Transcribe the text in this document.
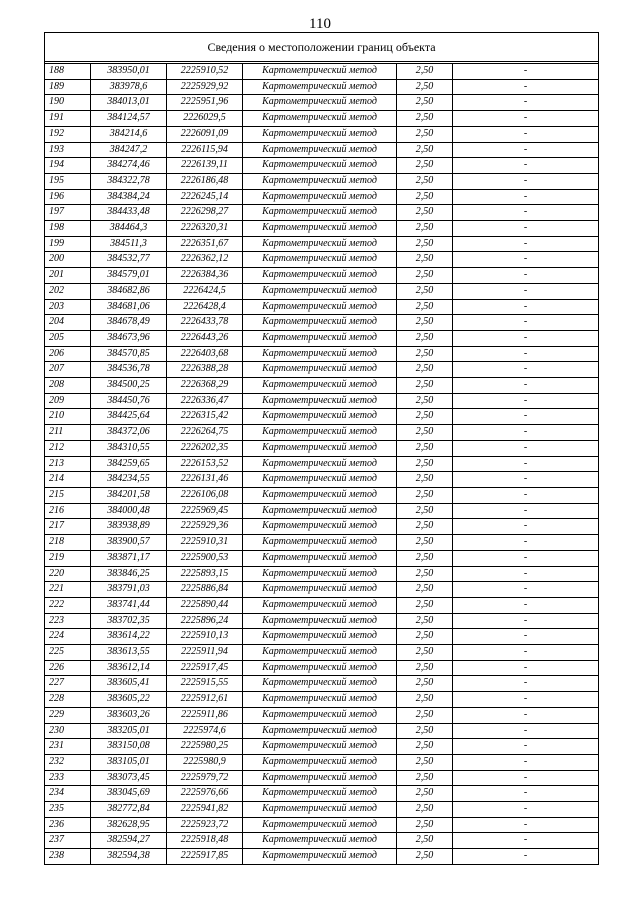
110
Сведения о местоположении границ объекта					

188	383950,01	2225910,52	Картометрический метод	2,50	-
189	383978,6	2225929,92	Картометрический метод	2,50	-
190	384013,01	2225951,96	Картометрический метод	2,50	-
191	384124,57	2226029,5	Картометрический метод	2,50	-
192	384214,6	2226091,09	Картометрический метод	2,50	-
193	384247,2	2226115,94	Картометрический метод	2,50	-
194	384274,46	2226139,11	Картометрический метод	2,50	-
195	384322,78	2226186,48	Картометрический метод	2,50	-
196	384384,24	2226245,14	Картометрический метод	2,50	-
197	384433,48	2226298,27	Картометрический метод	2,50	-
198	384464,3	2226320,31	Картометрический метод	2,50	-
199	384511,3	2226351,67	Картометрический метод	2,50	-
200	384532,77	2226362,12	Картометрический метод	2,50	-
201	384579,01	2226384,36	Картометрический метод	2,50	-
202	384682,86	2226424,5	Картометрический метод	2,50	-
203	384681,06	2226428,4	Картометрический метод	2,50	-
204	384678,49	2226433,78	Картометрический метод	2,50	-
205	384673,96	2226443,26	Картометрический метод	2,50	-
206	384570,85	2226403,68	Картометрический метод	2,50	-
207	384536,78	2226388,28	Картометрический метод	2,50	-
208	384500,25	2226368,29	Картометрический метод	2,50	-
209	384450,76	2226336,47	Картометрический метод	2,50	-
210	384425,64	2226315,42	Картометрический метод	2,50	-
211	384372,06	2226264,75	Картометрический метод	2,50	-
212	384310,55	2226202,35	Картометрический метод	2,50	-
213	384259,65	2226153,52	Картометрический метод	2,50	-
214	384234,55	2226131,46	Картометрический метод	2,50	-
215	384201,58	2226106,08	Картометрический метод	2,50	-
216	384000,48	2225969,45	Картометрический метод	2,50	-
217	383938,89	2225929,36	Картометрический метод	2,50	-
218	383900,57	2225910,31	Картометрический метод	2,50	-
219	383871,17	2225900,53	Картометрический метод	2,50	-
220	383846,25	2225893,15	Картометрический метод	2,50	-
221	383791,03	2225886,84	Картометрический метод	2,50	-
222	383741,44	2225890,44	Картометрический метод	2,50	-
223	383702,35	2225896,24	Картометрический метод	2,50	-
224	383614,22	2225910,13	Картометрический метод	2,50	-
225	383613,55	2225911,94	Картометрический метод	2,50	-
226	383612,14	2225917,45	Картометрический метод	2,50	-
227	383605,41	2225915,55	Картометрический метод	2,50	-
228	383605,22	2225912,61	Картометрический метод	2,50	-
229	383603,26	2225911,86	Картометрический метод	2,50	-
230	383205,01	2225974,6	Картометрический метод	2,50	-
231	383150,08	2225980,25	Картометрический метод	2,50	-
232	383105,01	2225980,9	Картометрический метод	2,50	-
233	383073,45	2225979,72	Картометрический метод	2,50	-
234	383045,69	2225976,66	Картометрический метод	2,50	-
235	382772,84	2225941,82	Картометрический метод	2,50	-
236	382628,95	2225923,72	Картометрический метод	2,50	-
237	382594,27	2225918,48	Картометрический метод	2,50	-
238	382594,38	2225917,85	Картометрический метод	2,50	-
